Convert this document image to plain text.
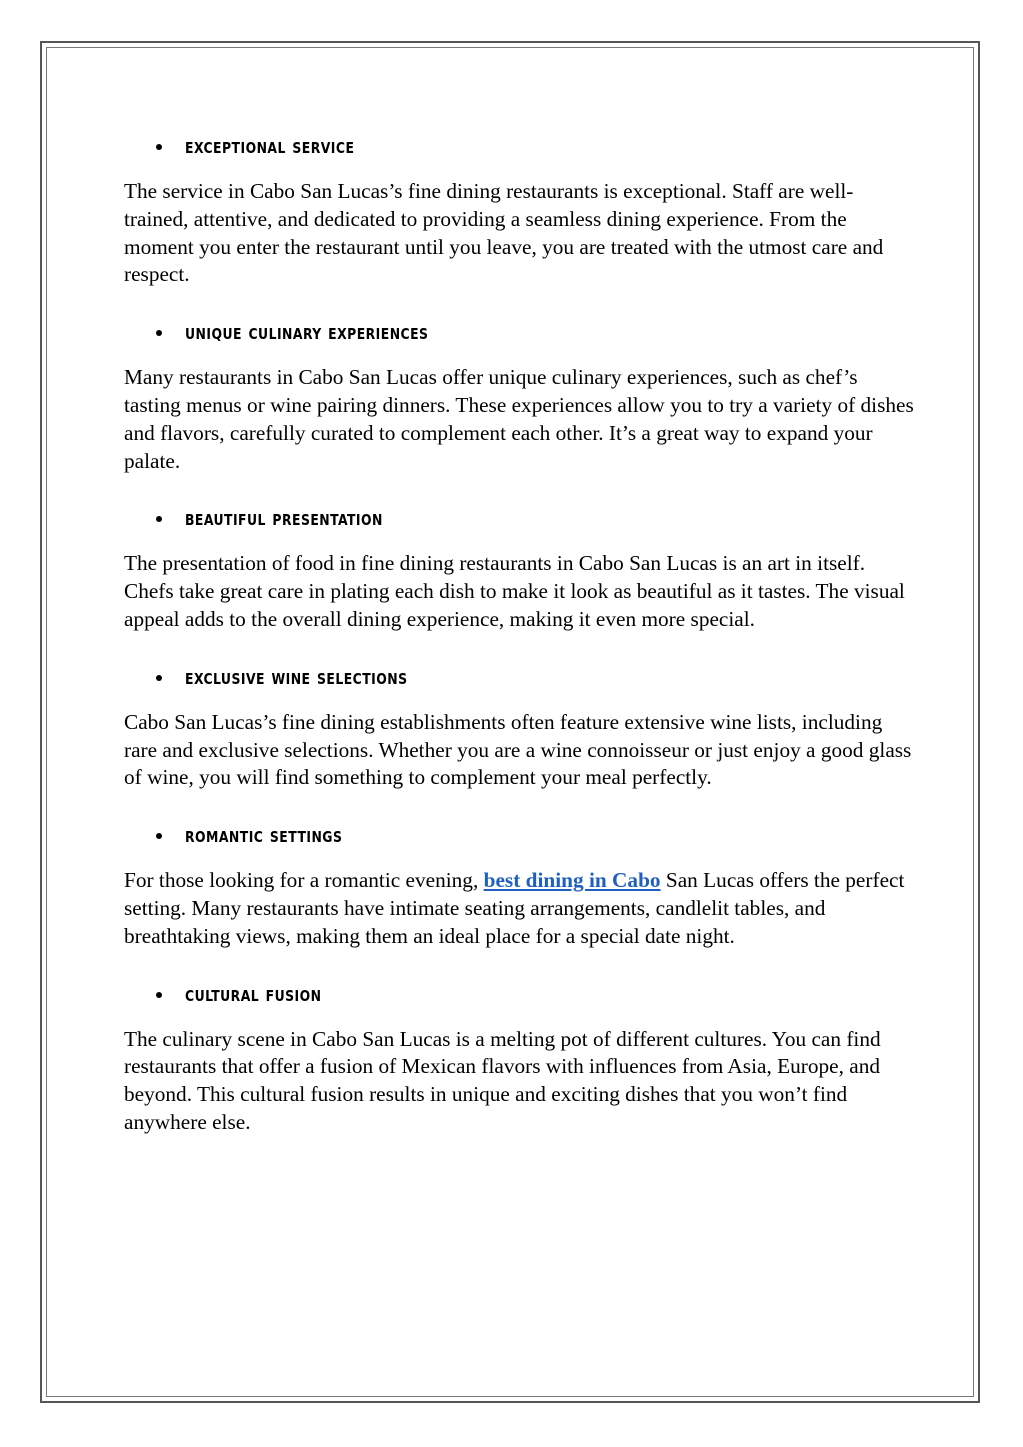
exceptional service

The service in Cabo San Lucas’s fine dining restaurants is exceptional. Staff are well-trained, attentive, and dedicated to providing a seamless dining experience. From the moment you enter the restaurant until you leave, you are treated with the utmost care and respect.

unique culinary experiences

Many restaurants in Cabo San Lucas offer unique culinary experiences, such as chef’s tasting menus or wine pairing dinners. These experiences allow you to try a variety of dishes and flavors, carefully curated to complement each other. It’s a great way to expand your palate.

beautiful presentation

The presentation of food in fine dining restaurants in Cabo San Lucas is an art in itself. Chefs take great care in plating each dish to make it look as beautiful as it tastes. The visual appeal adds to the overall dining experience, making it even more special.

exclusive wine selections

Cabo San Lucas’s fine dining establishments often feature extensive wine lists, including rare and exclusive selections. Whether you are a wine connoisseur or just enjoy a good glass of wine, you will find something to complement your meal perfectly.

romantic settings

For those looking for a romantic evening, best dining in Cabo San Lucas offers the perfect setting. Many restaurants have intimate seating arrangements, candlelit tables, and breathtaking views, making them an ideal place for a special date night.

cultural fusion

The culinary scene in Cabo San Lucas is a melting pot of different cultures. You can find restaurants that offer a fusion of Mexican flavors with influences from Asia, Europe, and beyond. This cultural fusion results in unique and exciting dishes that you won’t find anywhere else.
